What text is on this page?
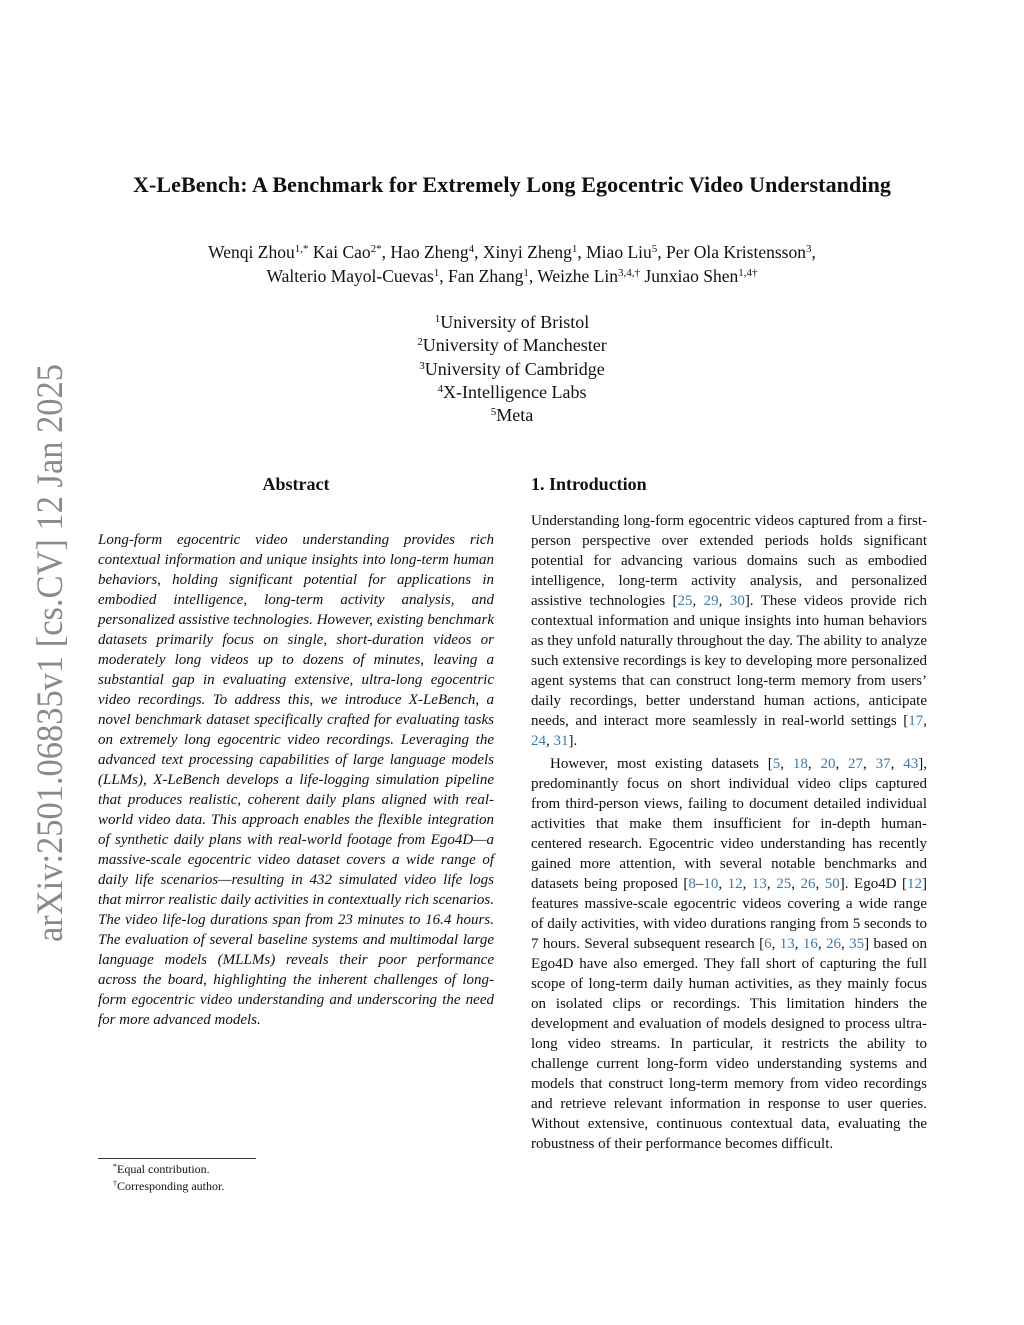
arXiv:2501.06835v1 [cs.CV] 12 Jan 2025
X-LeBench: A Benchmark for Extremely Long Egocentric Video Understanding
Wenqi Zhou$^{1,*}$ Kai Cao$^{2*}$, Hao Zheng$^4$, Xinyi Zheng$^1$, Miao Liu$^5$, Per Ola Kristensson$^3$,
Walterio Mayol-Cuevas$^1$, Fan Zhang$^1$, Weizhe Lin$^{3,4,\dagger}$ Junxiao Shen$^{1,4\dagger}$
$^1$University of Bristol
$^2$University of Manchester
$^3$University of Cambridge
$^4$X-Intelligence Labs
$^5$Meta
Abstract
Long-form egocentric video understanding provides rich contextual information and unique insights into long-term human behaviors, holding significant potential for applications in embodied intelligence, long-term activity analysis, and personalized assistive technologies. However, existing benchmark datasets primarily focus on single, short-duration videos or moderately long videos up to dozens of minutes, leaving a substantial gap in evaluating extensive, ultra-long egocentric video recordings. To address this, we introduce X-LeBench, a novel benchmark dataset specifically crafted for evaluating tasks on extremely long egocentric video recordings. Leveraging the advanced text processing capabilities of large language models (LLMs), X-LeBench develops a life-logging simulation pipeline that produces realistic, coherent daily plans aligned with real-world video data. This approach enables the flexible integration of synthetic daily plans with real-world footage from Ego4D—a massive-scale egocentric video dataset covers a wide range of daily life scenarios—resulting in 432 simulated video life logs that mirror realistic daily activities in contextually rich scenarios. The video life-log durations span from 23 minutes to 16.4 hours. The evaluation of several baseline systems and multimodal large language models (MLLMs) reveals their poor performance across the board, highlighting the inherent challenges of long-form egocentric video understanding and underscoring the need for more advanced models.
1. Introduction

Understanding long-form egocentric videos captured from a first-person perspective over extended periods holds significant potential for advancing various domains such as embodied intelligence, long-term activity analysis, and personalized assistive technologies [25, 29, 30]. These videos provide rich contextual information and unique insights into human behaviors as they unfold naturally throughout the day. The ability to analyze such extensive recordings is key to developing more personalized agent systems that can construct long-term memory from users’ daily recordings, better understand human actions, anticipate needs, and interact more seamlessly in real-world settings [17, 24, 31].

However, most existing datasets [5, 18, 20, 27, 37, 43], predominantly focus on short individual video clips captured from third-person views, failing to document detailed individual activities that make them insufficient for in-depth human-centered research. Egocentric video understanding has recently gained more attention, with several notable benchmarks and datasets being proposed [8–10, 12, 13, 25, 26, 50]. Ego4D [12] features massive-scale egocentric videos covering a wide range of daily activities, with video durations ranging from 5 seconds to 7 hours. Several subsequent research [6, 13, 16, 26, 35] based on Ego4D have also emerged. They fall short of capturing the full scope of long-term daily human activities, as they mainly focus on isolated clips or recordings. This limitation hinders the development and evaluation of models designed to process ultra-long video streams. In particular, it restricts the ability to challenge current long-form video understanding systems and models that construct long-term memory from video recordings and retrieve relevant information in response to user queries. Without extensive, continuous contextual data, evaluating the robustness of their performance becomes difficult.

*Equal contribution.
†Corresponding author.
